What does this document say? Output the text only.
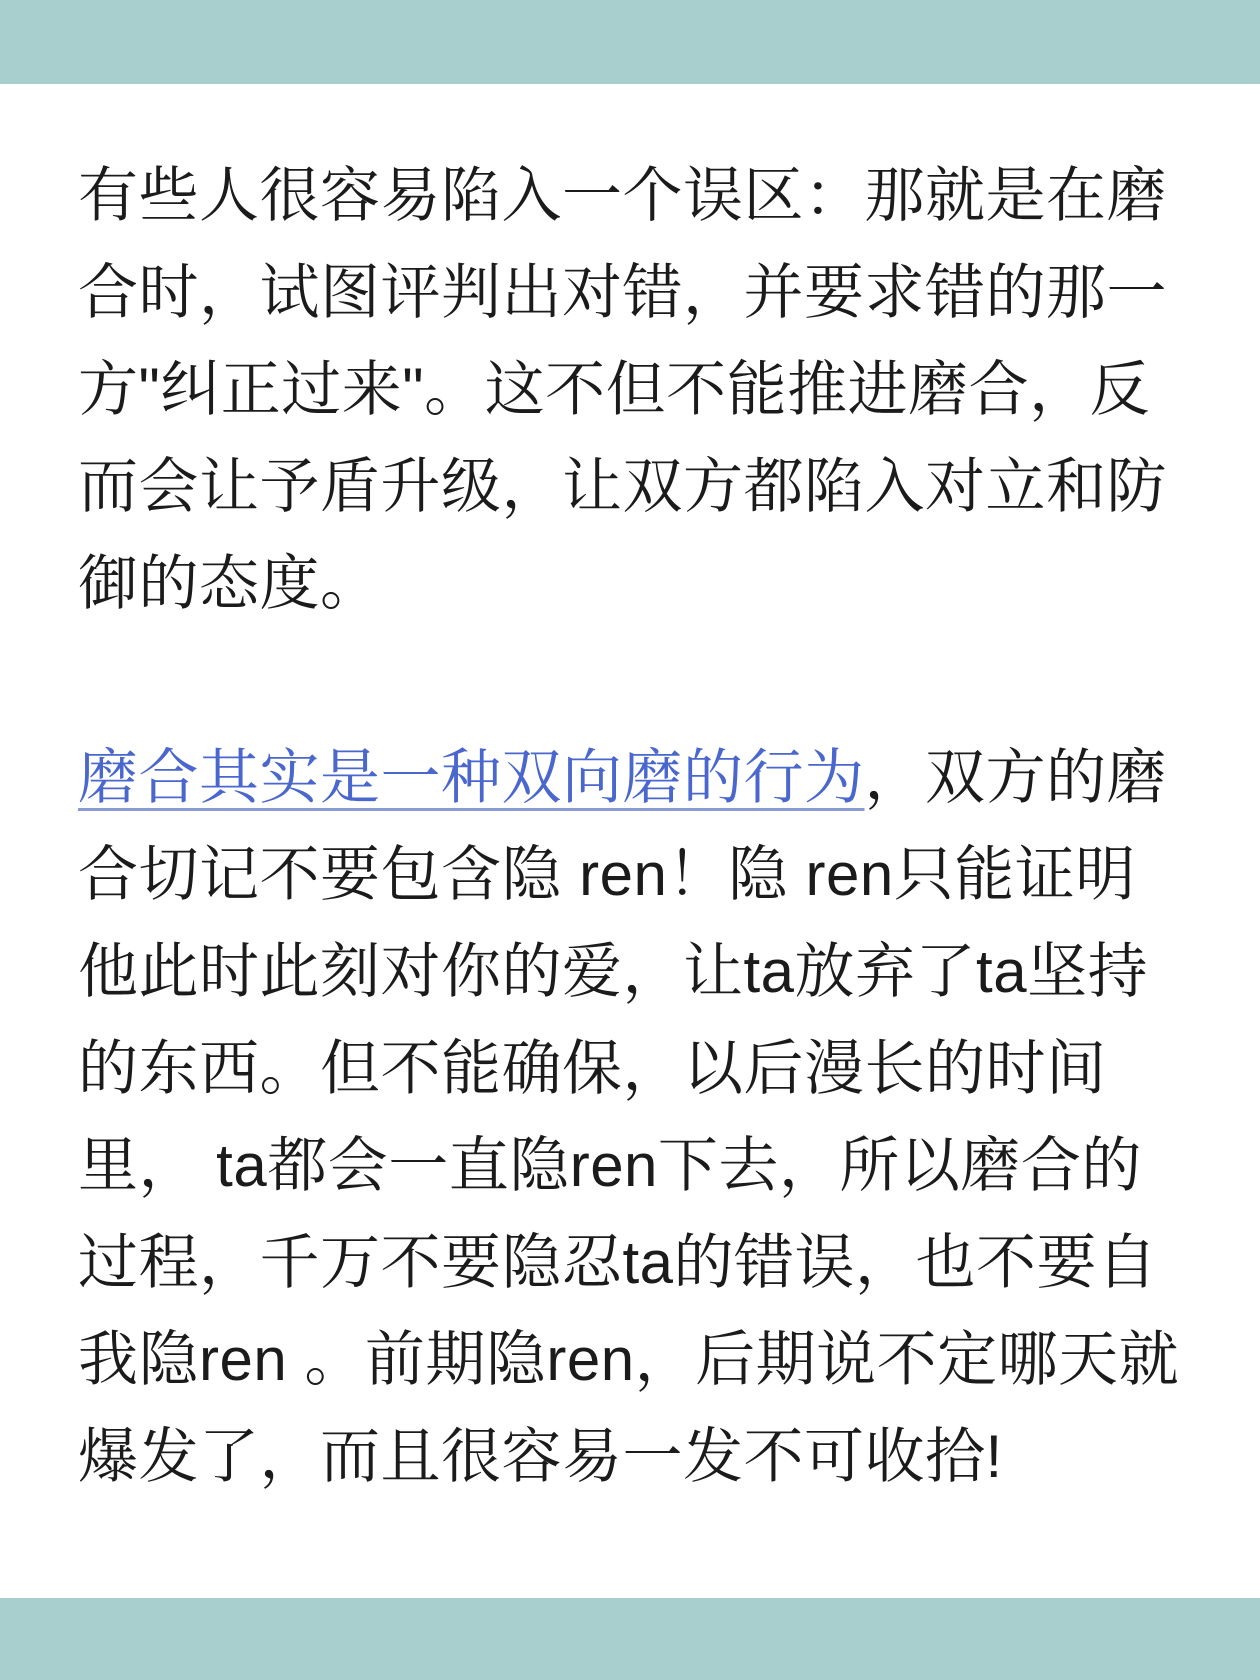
有些人很容易陷入一个误区：那就是在磨合时，试图评判出对错，并要求错的那一方"纠正过来"。这不但不能推进磨合，反而会让予盾升级，让双方都陷入对立和防御的态度。

磨合其实是一种双向磨的行为，双方的磨合切记不要包含隐 ren！隐 ren只能证明他此时此刻对你的爱，让ta放弃了ta坚持的东西。但不能确保，以后漫长的时间里， ta都会一直隐ren下去，所以磨合的过程，千万不要隐忍ta的错误，也不要自我隐ren 。前期隐ren，后期说不定哪天就爆发了，而且很容易一发不可收拾!
